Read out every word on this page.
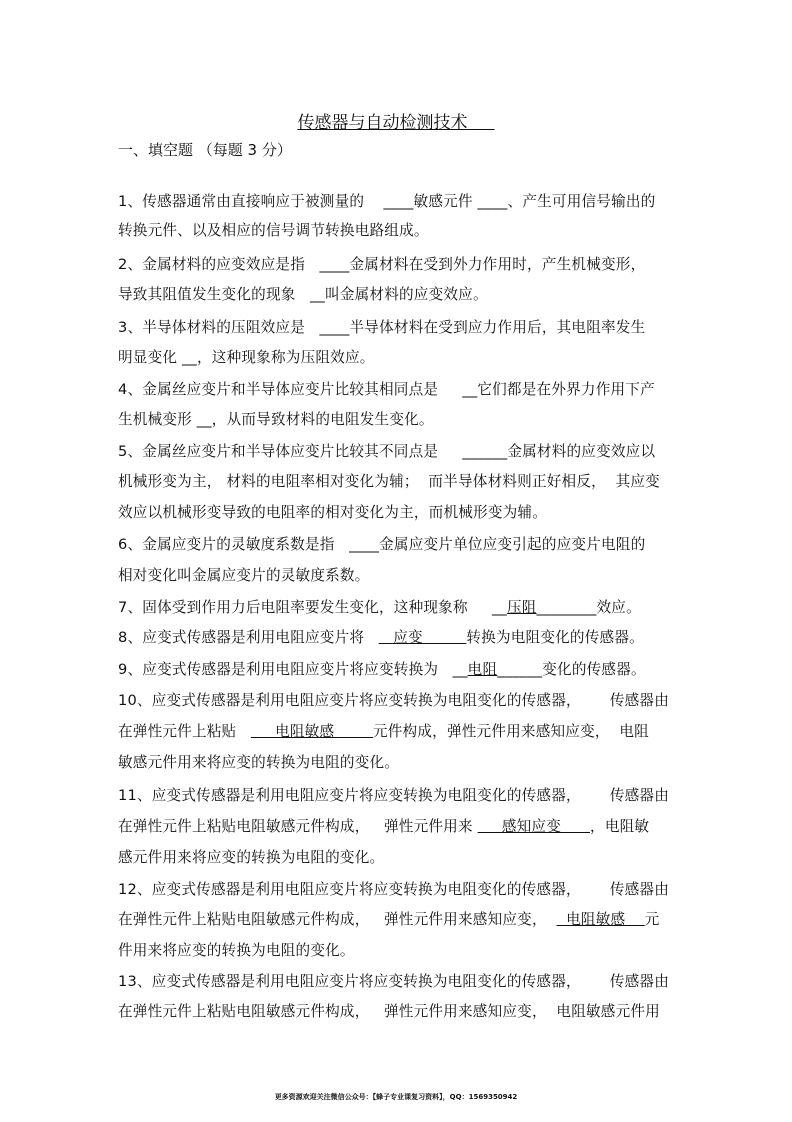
传感器与自动检测技术
一、填空题 （每题 3 分）
1、传感器通常由直接响应于被测量的    ____敏感元件 ____、产生可用信号输出的
转换元件、以及相应的信号调节转换电路组成。
2、金属材料的应变效应是指   ____金属材料在受到外力作用时，产生机械变形，
导致其阻值发生变化的现象   __叫金属材料的应变效应。
3、半导体材料的压阻效应是   ____半导体材料在受到应力作用后，其电阻率发生
明显变化 __，这种现象称为压阻效应。
4、金属丝应变片和半导体应变片比较其相同点是     __它们都是在外界力作用下产
生机械变形 __，从而导致材料的电阻发生变化。
5、金属丝应变片和半导体应变片比较其不同点是     ______金属材料的应变效应以
机械形变为主， 材料的电阻率相对变化为辅；  而半导体材料则正好相反，  其应变
效应以机械形变导致的电阻率的相对变化为主，而机械形变为辅。
6、金属应变片的灵敏度系数是指   ____金属应变片单位应变引起的应变片电阻的
相对变化叫金属应变片的灵敏度系数。
7、固体受到作用力后电阻率要发生变化，这种现象称     __压阻________效应。
8、应变式传感器是利用电阻应变片将      应变         转换为电阻变化的传感器。
9、应变式传感器是利用电阻应变片将应变转换为   __电阻______变化的传感器。
10、应变式传感器是利用电阻应变片将应变转换为电阻变化的传感器，      传感器由
在弹性元件上粘贴        电阻敏感        元件构成，弹性元件用来感知应变，  电阻
敏感元件用来将应变的转换为电阻的变化。
11、应变式传感器是利用电阻应变片将应变转换为电阻变化的传感器，      传感器由
在弹性元件上粘贴电阻敏感元件构成，   弹性元件用来      感知应变      ，电阻敏
感元件用来将应变的转换为电阻的变化。
12、应变式传感器是利用电阻应变片将应变转换为电阻变化的传感器，      传感器由
在弹性元件上粘贴电阻敏感元件构成，   弹性元件用来感知应变，    电阻敏感    元
件用来将应变的转换为电阻的变化。
13、应变式传感器是利用电阻应变片将应变转换为电阻变化的传感器，      传感器由
在弹性元件上粘贴电阻敏感元件构成，   弹性元件用来感知应变，  电阻敏感元件用
更多资源欢迎关注微信公众号：【蜂子专业课复习资料】，QQ：1569350942
